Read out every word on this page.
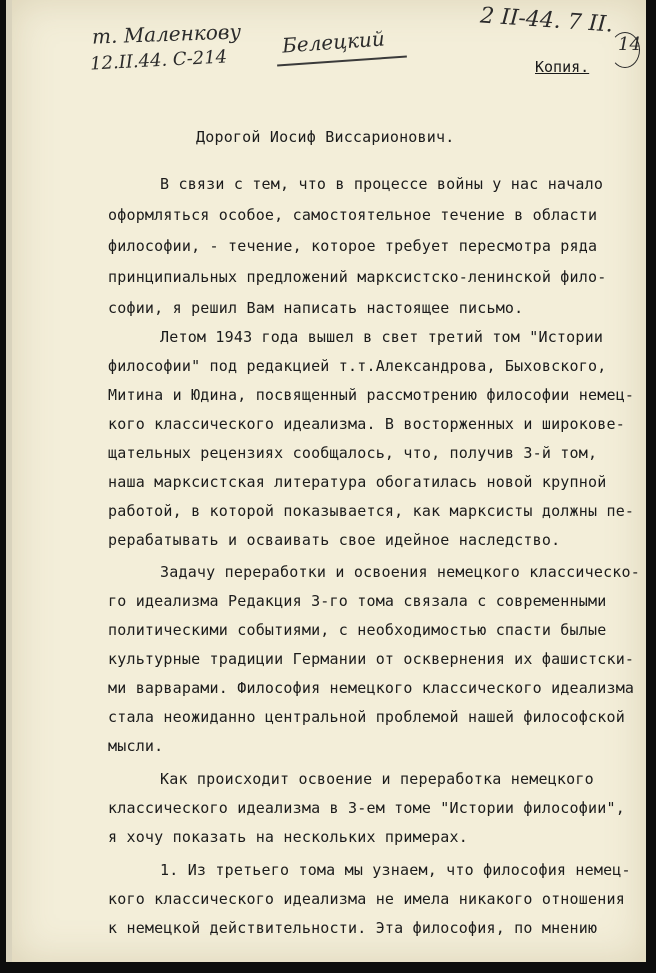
т. Маленкову
12.II.44. С-214
Белецкий
2 II-44. 7 II.
14
Копия.
Дорогой Иосиф Виссарионович.
В связи с тем, что в процессе войны у нас начало
оформляться особое, самостоятельное течение в области
философии, - течение, которое требует пересмотра ряда
принципиальных предложений марксистско-ленинской фило-
софии, я решил Вам написать настоящее письмо.
Летом 1943 года вышел в свет третий том "Истории
философии" под редакцией т.т.Александрова, Быховского,
Митина и Юдина, посвященный рассмотрению философии немец-
кого классического идеализма. В восторженных и широкове-
щательных рецензиях сообщалось, что, получив 3-й том,
наша марксистская литература обогатилась новой крупной
работой, в которой показывается, как марксисты должны пе-
рерабатывать и осваивать свое идейное наследство.
Задачу переработки и освоения немецкого классическо-
го идеализма Редакция 3-го тома связала с современными
политическими событиями, с необходимостью спасти былые
культурные традиции Германии от осквернения их фашистски-
ми варварами. Философия немецкого классического идеализма
стала неожиданно центральной проблемой нашей философской
мысли.
Как происходит освоение и переработка немецкого
классического идеализма в 3-ем томе "Истории философии",
я хочу показать на нескольких примерах.
1. Из третьего тома мы узнаем, что философия немец-
кого классического идеализма не имела никакого отношения
к немецкой действительности. Эта философия, по мнению
